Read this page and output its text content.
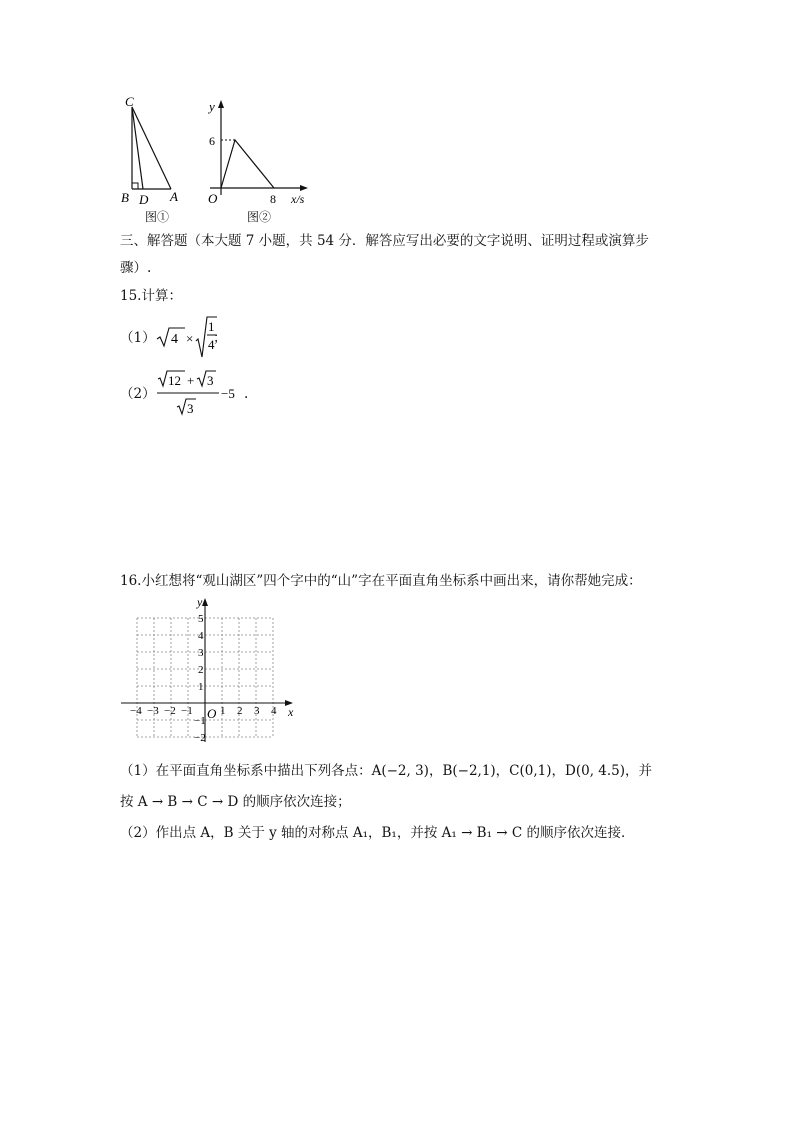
C
B D A
图①
y
6
O	8 x/s
图②
三、解答题（本大题 7 小题，共 54 分．解答应写出必要的文字说明、证明过程或演算步
骤）.
15.计算：
（1） 4 ×
1
4
；
（2）
12 + 3
3
−5 .
16.小红想将“观山湖区”四个字中的“山”字在平面直角坐标系中画出来，请你帮她完成：
y
x
O
5
4
3
2
1
−1
−2
−4 −3 −2 −1 1 2 3 4
（1）在平面直角坐标系中描出下列各点：A(−2, 3)，B(−2,1)，C(0,1)，D(0, 4.5)，并
按 A → B → C → D 的顺序依次连接；
（2）作出点 A，B 关于 y 轴的对称点 A₁，B₁，并按 A₁ → B₁ → C 的顺序依次连接．
